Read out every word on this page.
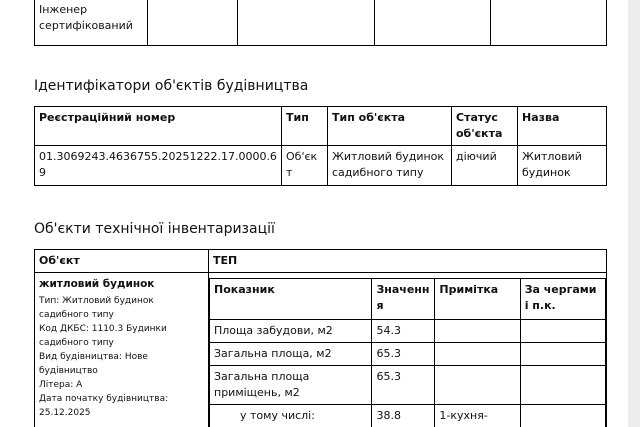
Інженер сертифікований				
Ідентифікатори об'єктів будівництва
Реєстраційний номер	Тип	Тип об'єкта	Статус об'єкта	Назва
01.3069243.4636755.20251222.17.0000.69	Об'єкт	Житловий будинок садибного типу	діючий	Житловий будинок
Об'єкти технічної інвентаризації
Об'єкт	ТЕП

житловий будинок
Тип: Житловий будинок садибного типу
Код ДКБС: 1110.3 Будинки садибного типу
Вид будівництва: Нове будівництво
Літера: А
Дата початку будівництва:
25.12.2025

Показник	Значення	Примітка	За чергами і п.к.
Площа забудови, м2	54.3		
Загальна площа, м2	65.3		
Загальна площа приміщень, м2	65.3		
у тому числі:	38.8	1-кухня-	
